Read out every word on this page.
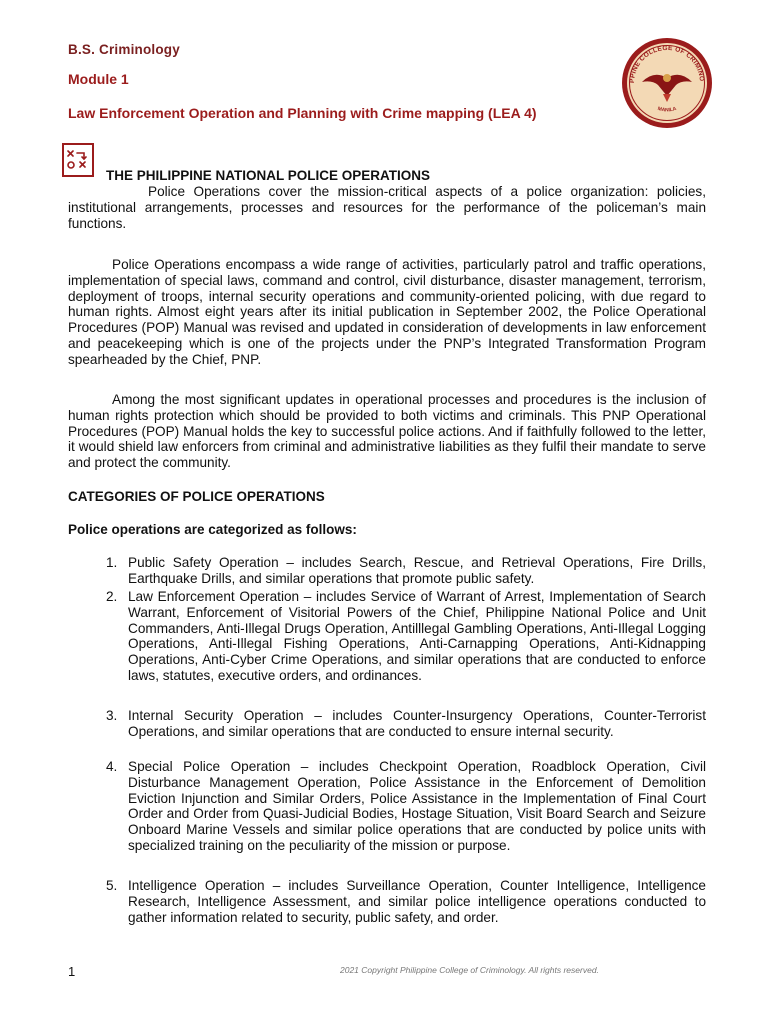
B.S. Criminology
Module 1
Law Enforcement Operation and Planning with Crime mapping (LEA 4)
PPINE COLLEGE OF CRIMINO
MANILA
THE PHILIPPINE NATIONAL POLICE OPERATIONS

Police Operations cover the mission-critical aspects of a police organization: policies, institutional arrangements, processes and resources for the performance of the policeman’s main functions.

Police Operations encompass a wide range of activities, particularly patrol and traffic operations, implementation of special laws, command and control, civil disturbance, disaster management, terrorism, deployment of troops, internal security operations and community-oriented policing, with due regard to human rights. Almost eight years after its initial publication in September 2002, the Police Operational Procedures (POP) Manual was revised and updated in consideration of developments in law enforcement and peacekeeping which is one of the projects under the PNP’s Integrated Transformation Program spearheaded by the Chief, PNP.

Among the most significant updates in operational processes and procedures is the inclusion of human rights protection which should be provided to both victims and criminals. This PNP Operational Procedures (POP) Manual holds the key to successful police actions. And if faithfully followed to the letter, it would shield law enforcers from criminal and administrative liabilities as they fulfil their mandate to serve and protect the community.

CATEGORIES OF POLICE OPERATIONS
Police operations are categorized as follows:
1. Public Safety Operation – includes Search, Rescue, and Retrieval Operations, Fire Drills, Earthquake Drills, and similar operations that promote public safety.
2. Law Enforcement Operation – includes Service of Warrant of Arrest, Implementation of Search Warrant, Enforcement of Visitorial Powers of the Chief, Philippine National Police and Unit Commanders, Anti-Illegal Drugs Operation, Antilllegal Gambling Operations, Anti-Illegal Logging Operations, Anti-Illegal Fishing Operations, Anti-Carnapping Operations, Anti-Kidnapping Operations, Anti-Cyber Crime Operations, and similar operations that are conducted to enforce laws, statutes, executive orders, and ordinances.
3. Internal Security Operation – includes Counter-Insurgency Operations, Counter-Terrorist Operations, and similar operations that are conducted to ensure internal security.
4. Special Police Operation – includes Checkpoint Operation, Roadblock Operation, Civil Disturbance Management Operation, Police Assistance in the Enforcement of Demolition Eviction Injunction and Similar Orders, Police Assistance in the Implementation of Final Court Order and Order from Quasi-Judicial Bodies, Hostage Situation, Visit Board Search and Seizure Onboard Marine Vessels and similar police operations that are conducted by police units with specialized training on the peculiarity of the mission or purpose.
5. Intelligence Operation – includes Surveillance Operation, Counter Intelligence, Intelligence Research, Intelligence Assessment, and similar police intelligence operations conducted to gather information related to security, public safety, and order.
1	2021 Copyright Philippine College of Criminology. All rights reserved.
